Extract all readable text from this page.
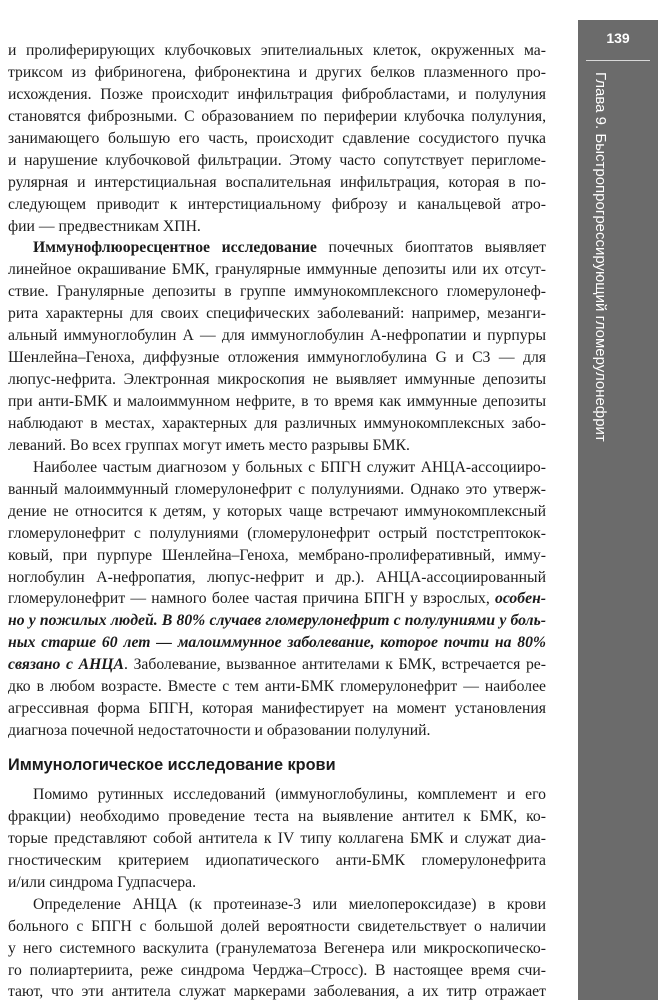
139
Глава 9. Быстропрогрессирующий гломерулонефрит
и пролиферирующих клубочковых эпителиальных клеток, окруженных ма-
триксом из фибриногена, фибронектина и других белков плазменного про-
исхождения. Позже происходит инфильтрация фибробластами, и полулуния
становятся фиброзными. С образованием по периферии клубочка полулуния,
занимающего большую его часть, происходит сдавление сосудистого пучка
и нарушение клубочковой фильтрации. Этому часто сопутствует перигломе-
рулярная и интерстициальная воспалительная инфильтрация, которая в по-
следующем приводит к интерстициальному фиброзу и канальцевой атро-
фии — предвестникам ХПН.
Иммунофлюоресцентное исследование почечных биоптатов выявляет
линейное окрашивание БМК, гранулярные иммунные депозиты или их отсут-
ствие. Гранулярные депозиты в группе иммунокомплексного гломерулонеф-
рита характерны для своих специфических заболеваний: например, мезанги-
альный иммуноглобулин А — для иммуноглобулин А-нефропатии и пурпуры
Шенлейна–Геноха, диффузные отложения иммуноглобулина G и C3 — для
люпус-нефрита. Электронная микроскопия не выявляет иммунные депозиты
при анти-БМК и малоиммунном нефрите, в то время как иммунные депозиты
наблюдают в местах, характерных для различных иммунокомплексных забо-
леваний. Во всех группах могут иметь место разрывы БМК.
Наиболее частым диагнозом у больных с БПГН служит АНЦА-ассоцииро-
ванный малоиммунный гломерулонефрит с полулуниями. Однако это утверж-
дение не относится к детям, у которых чаще встречают иммунокомплексный
гломерулонефрит с полулуниями (гломерулонефрит острый постстрептокок-
ковый, при пурпуре Шенлейна–Геноха, мембрано-пролиферативный, имму-
ноглобулин А-нефропатия, люпус-нефрит и др.). АНЦА-ассоциированный
гломерулонефрит — намного более частая причина БПГН у взрослых, особен-
но у пожилых людей. В 80% случаев гломерулонефрит с полулуниями у боль-
ных старше 60 лет — малоиммунное заболевание, которое почти на 80%
связано с АНЦА. Заболевание, вызванное антителами к БМК, встречается ре-
дко в любом возрасте. Вместе с тем анти-БМК гломерулонефрит — наиболее
агрессивная форма БПГН, которая манифестирует на момент установления
диагноза почечной недостаточности и образовании полулуний.
Иммунологическое исследование крови
Помимо рутинных исследований (иммуноглобулины, комплемент и его
фракции) необходимо проведение теста на выявление антител к БМК, ко-
торые представляют собой антитела к IV типу коллагена БМК и служат диа-
гностическим критерием идиопатического анти-БМК гломерулонефрита
и/или синдрома Гудпасчера.
Определение АНЦА (к протеиназе-3 или миелопероксидазе) в крови
больного с БПГН с большой долей вероятности свидетельствует о наличии
у него системного васкулита (гранулематоза Вегенера или микроскопическо-
го полиартериита, реже синдрома Черджа–Стросс). В настоящее время счи-
тают, что эти антитела служат маркерами заболевания, а их титр отражает
